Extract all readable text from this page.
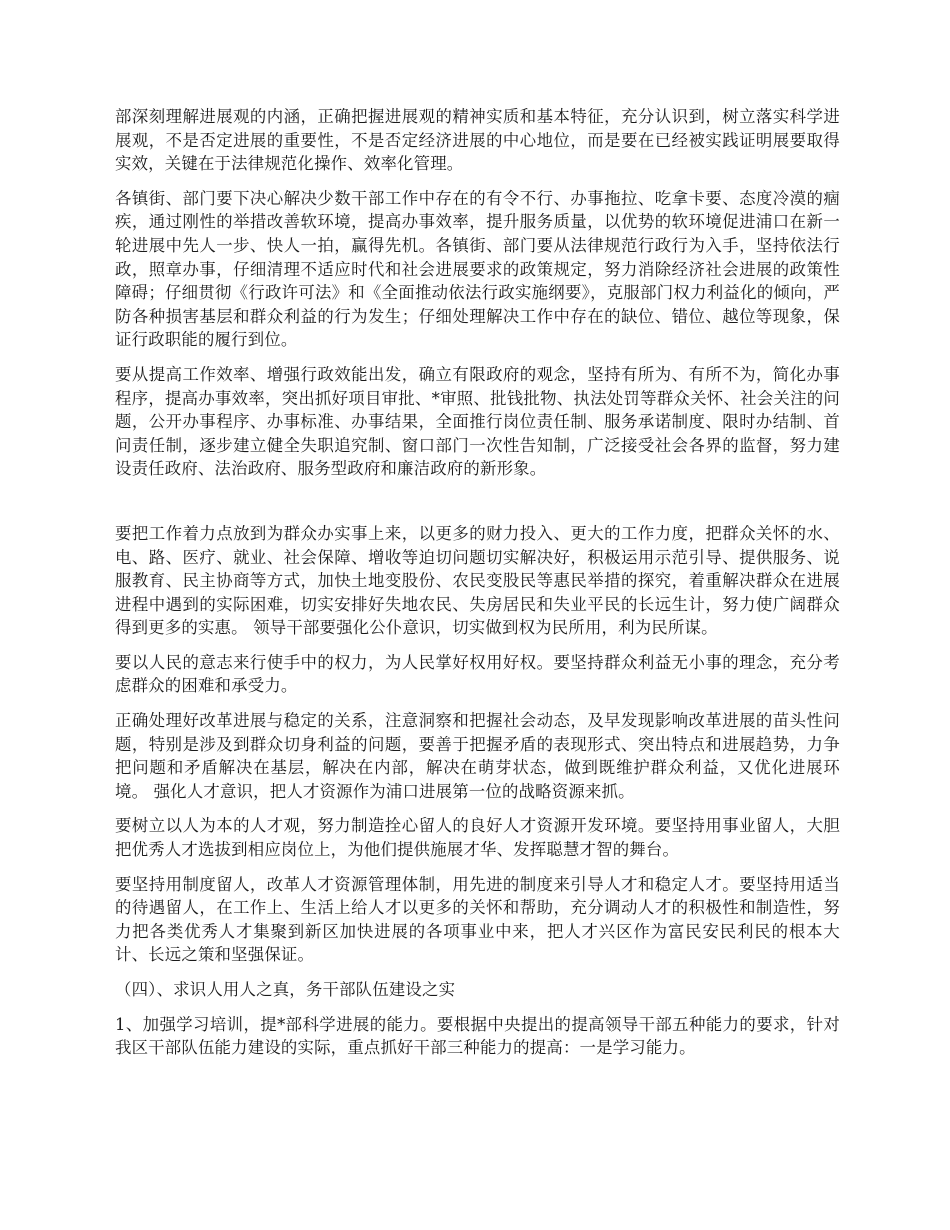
部深刻理解进展观的内涵，正确把握进展观的精神实质和基本特征，充分认识到，树立落实科学进展观，不是否定进展的重要性，不是否定经济进展的中心地位，而是要在已经被实践证明展要取得实效，关键在于法律规范化操作、效率化管理。

各镇街、部门要下决心解决少数干部工作中存在的有令不行、办事拖拉、吃拿卡要、态度冷漠的痼疾，通过刚性的举措改善软环境，提高办事效率，提升服务质量，以优势的软环境促进浦口在新一轮进展中先人一步、快人一拍，赢得先机。各镇街、部门要从法律规范行政行为入手，坚持依法行政，照章办事，仔细清理不适应时代和社会进展要求的政策规定，努力消除经济社会进展的政策性障碍；仔细贯彻《行政许可法》和《全面推动依法行政实施纲要》，克服部门权力利益化的倾向，严防各种损害基层和群众利益的行为发生；仔细处理解决工作中存在的缺位、错位、越位等现象，保证行政职能的履行到位。

要从提高工作效率、增强行政效能出发，确立有限政府的观念，坚持有所为、有所不为，简化办事程序，提高办事效率，突出抓好项目审批、*审照、批钱批物、执法处罚等群众关怀、社会关注的问题，公开办事程序、办事标准、办事结果，全面推行岗位责任制、服务承诺制度、限时办结制、首问责任制，逐步建立健全失职追究制、窗口部门一次性告知制，广泛接受社会各界的监督，努力建设责任政府、法治政府、服务型政府和廉洁政府的新形象。

要把工作着力点放到为群众办实事上来，以更多的财力投入、更大的工作力度，把群众关怀的水、电、路、医疗、就业、社会保障、增收等迫切问题切实解决好，积极运用示范引导、提供服务、说服教育、民主协商等方式，加快土地变股份、农民变股民等惠民举措的探究，着重解决群众在进展进程中遇到的实际困难，切实安排好失地农民、失房居民和失业平民的长远生计，努力使广阔群众得到更多的实惠。 领导干部要强化公仆意识，切实做到权为民所用，利为民所谋。

要以人民的意志来行使手中的权力，为人民掌好权用好权。要坚持群众利益无小事的理念，充分考虑群众的困难和承受力。

正确处理好改革进展与稳定的关系，注意洞察和把握社会动态，及早发现影响改革进展的苗头性问题，特别是涉及到群众切身利益的问题，要善于把握矛盾的表现形式、突出特点和进展趋势，力争把问题和矛盾解决在基层，解决在内部，解决在萌芽状态，做到既维护群众利益，又优化进展环境。 强化人才意识，把人才资源作为浦口进展第一位的战略资源来抓。

要树立以人为本的人才观，努力制造拴心留人的良好人才资源开发环境。要坚持用事业留人，大胆把优秀人才选拔到相应岗位上，为他们提供施展才华、发挥聪慧才智的舞台。

要坚持用制度留人，改革人才资源管理体制，用先进的制度来引导人才和稳定人才。要坚持用适当的待遇留人，在工作上、生活上给人才以更多的关怀和帮助，充分调动人才的积极性和制造性，努力把各类优秀人才集聚到新区加快进展的各项事业中来，把人才兴区作为富民安民利民的根本大计、长远之策和坚强保证。

（四）、求识人用人之真，务干部队伍建设之实

1、加强学习培训，提*部科学进展的能力。要根据中央提出的提高领导干部五种能力的要求，针对我区干部队伍能力建设的实际，重点抓好干部三种能力的提高：一是学习能力。
